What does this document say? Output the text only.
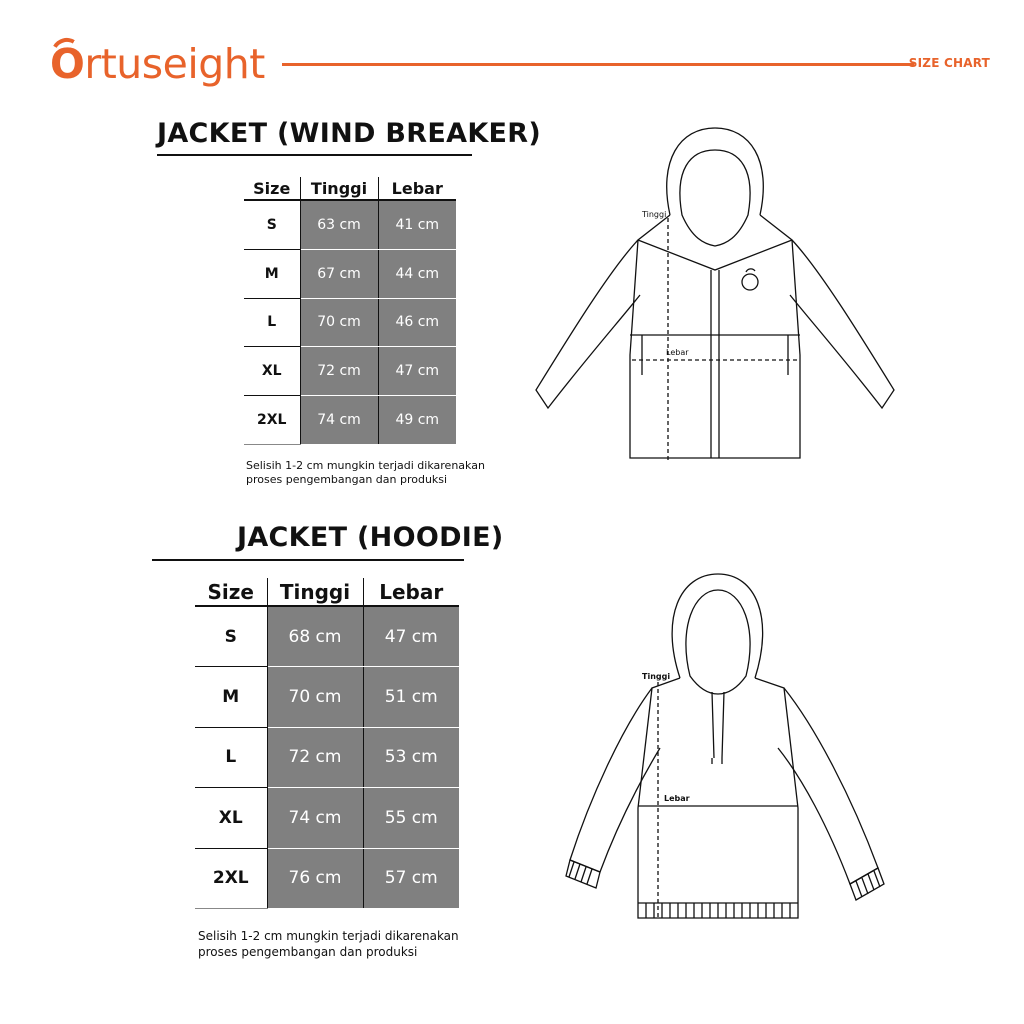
Ortuseight	SIZE CHART
JACKET (WIND BREAKER)
Size	Tinggi	Lebar
S	63 cm	41 cm
M	67 cm	44 cm
L	70 cm	46 cm
XL	72 cm	47 cm
2XL	74 cm	49 cm
Selisih 1-2 cm mungkin terjadi dikarenakan
proses pengembangan dan produksi
Tinggi
Lebar
JACKET (HOODIE)
Size	Tinggi	Lebar
S	68 cm	47 cm
M	70 cm	51 cm
L	72 cm	53 cm
XL	74 cm	55 cm
2XL	76 cm	57 cm
Selisih 1-2 cm mungkin terjadi dikarenakan
proses pengembangan dan produksi
Tinggi
Lebar
